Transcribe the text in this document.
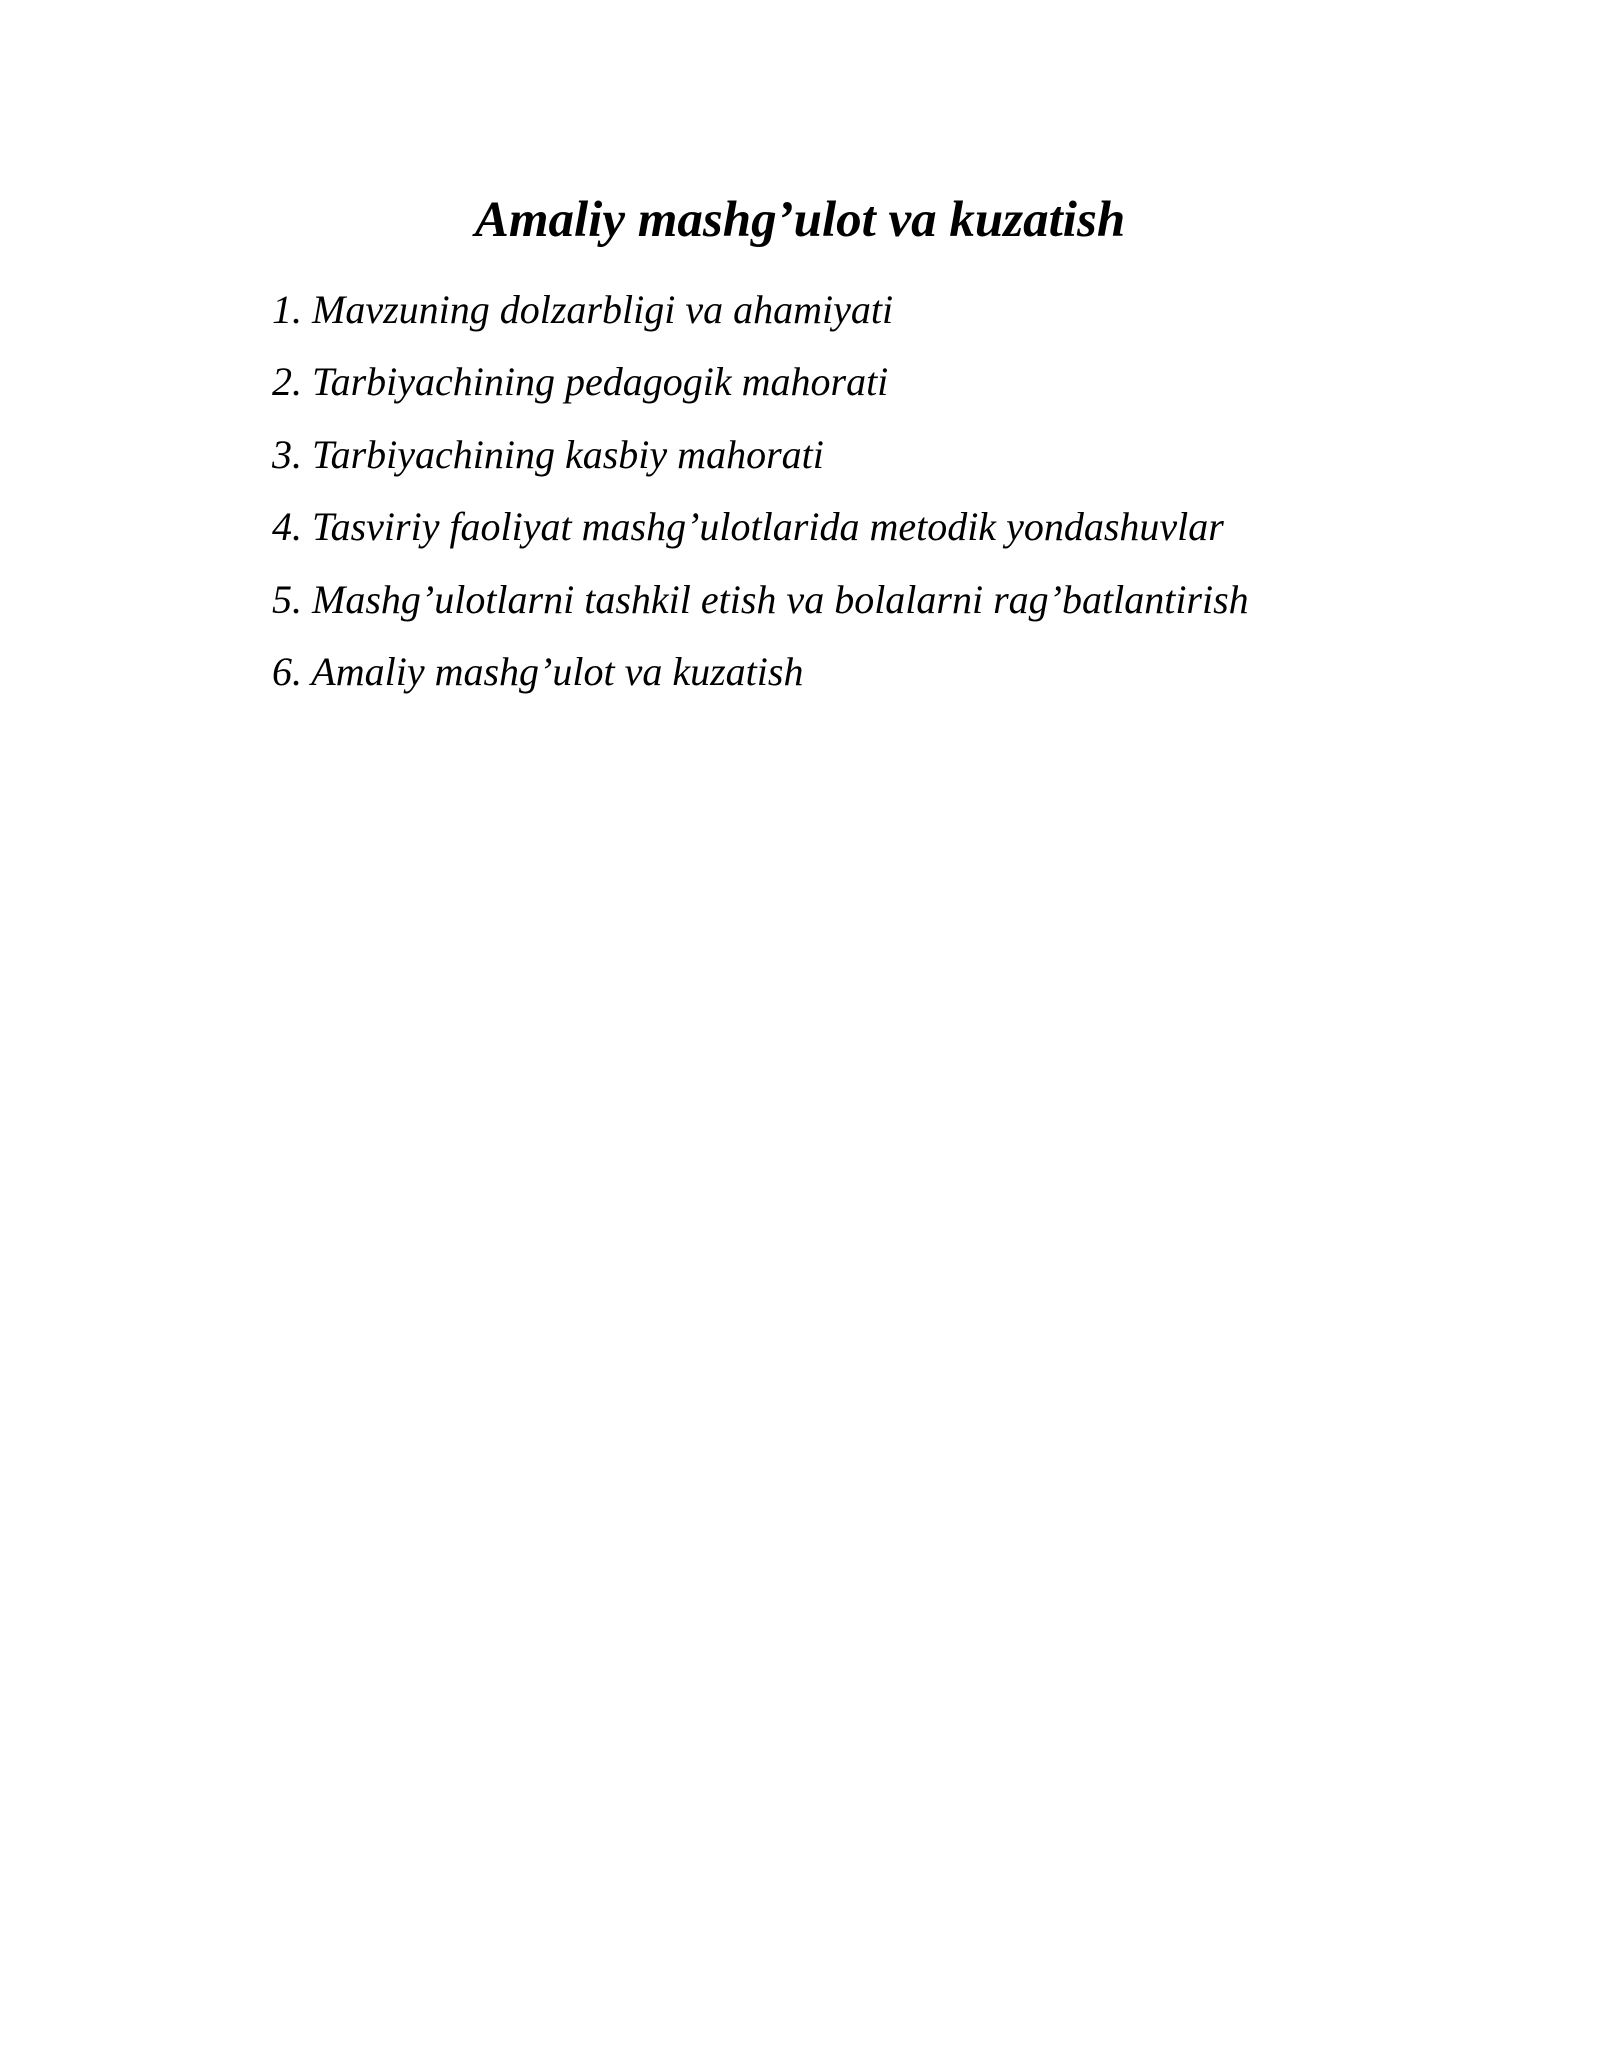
Amaliy mashg’ulot va kuzatish
1. Mavzuning dolzarbligi va ahamiyati
2. Tarbiyachining pedagogik mahorati
3. Tarbiyachining kasbiy mahorati
4. Tasviriy faoliyat mashg’ulotlarida metodik yondashuvlar
5. Mashg’ulotlarni tashkil etish va bolalarni rag’batlantirish
6. Amaliy mashg’ulot va kuzatish
